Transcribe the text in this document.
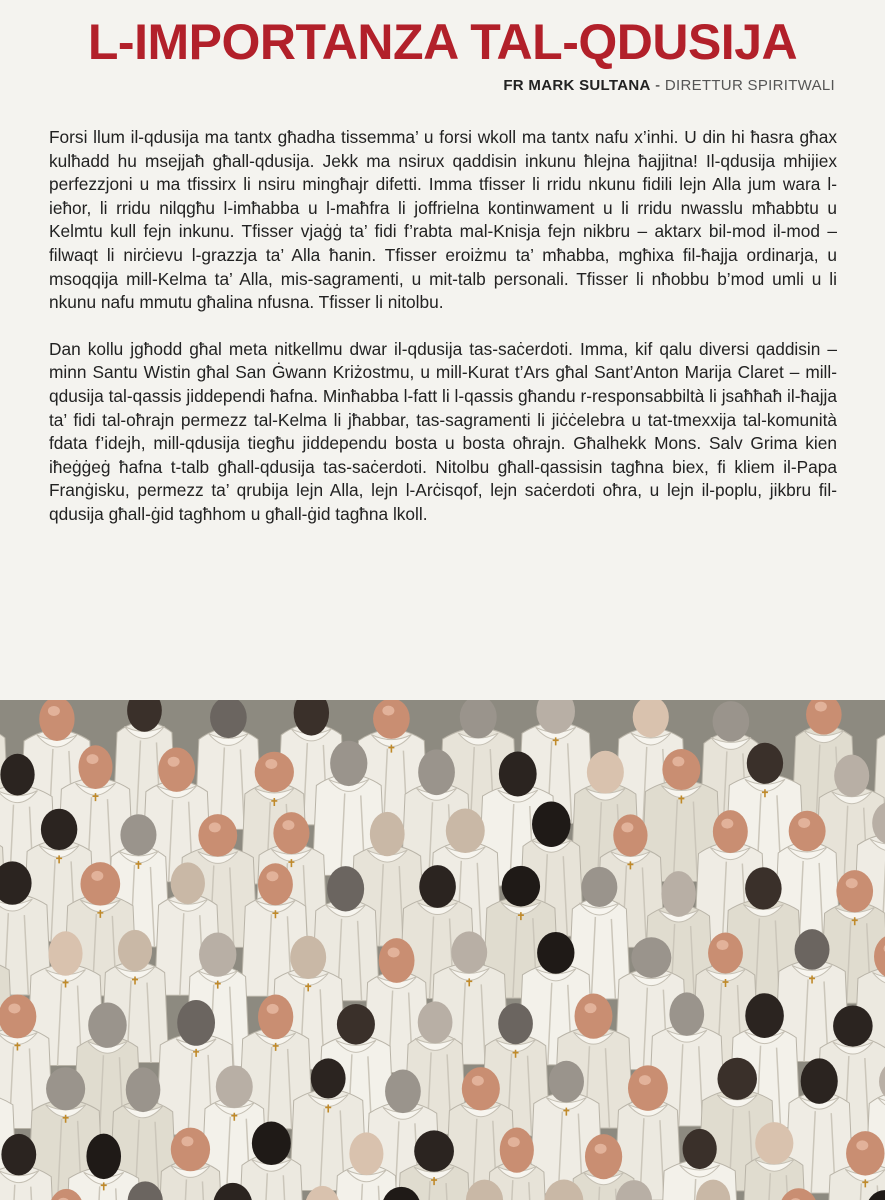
L-IMPORTANZA TAL-QDUSIJA
FR MARK SULTANA - DIRETTUR SPIRITWALI

Forsi llum il-qdusija ma tantx għadha tissemma’ u forsi wkoll ma tantx nafu x’inhi. U din hi ħasra għax kulħadd hu msejjaħ għall-qdusija. Jekk ma nsirux qaddisin inkunu ħlejna ħajjitna! Il-qdusija mhijiex perfezzjoni u ma tfissirx li nsiru mingħajr difetti. Imma tfisser li rridu nkunu fidili lejn Alla jum wara l-ieħor, li rridu nilqgħu l-imħabba u l-maħfra li joffrielna kontinwament u li rridu nwasslu mħabbtu u Kelmtu kull fejn inkunu. Tfisser vjaġġ ta’ fidi f’rabta mal-Knisja fejn nikbru – aktarx bil-mod il-mod – filwaqt li nirċievu l-grazzja ta’ Alla ħanin. Tfisser eroiżmu ta’ mħabba, mgħixa fil-ħajja ordinarja, u msoqqija mill-Kelma ta’ Alla, mis-sagramenti, u mit-talb personali. Tfisser li nħobbu b’mod umli u li nkunu nafu mmutu għalina nfusna. Tfisser li nitolbu.

Dan kollu jgħodd għal meta nitkellmu dwar il-qdusija tas-saċerdoti. Imma, kif qalu diversi qaddisin – minn Santu Wistin għal San Ġwann Kriżostmu, u mill-Kurat t’Ars għal Sant’Anton Marija Claret – mill-qdusija tal-qassis jiddependi ħafna. Minħabba l-fatt li l-qassis għandu r-responsabbiltà li jsaħħaħ il-ħajja ta’ fidi tal-oħrajn permezz tal-Kelma li jħabbar, tas-sagramenti li jiċċelebra u tat-tmexxija tal-komunità fdata f’idejh, mill-qdusija tiegħu jiddependu bosta u bosta oħrajn. Għalhekk Mons. Salv Grima kien iħeġġeġ ħafna t-talb għall-qdusija tas-saċerdoti. Nitolbu għall-qassisin tagħna biex, fi kliem il-Papa Franġisku, permezz ta’ qrubija lejn Alla, lejn l-Arċisqof, lejn saċerdoti oħra, u lejn il-poplu, jikbru fil-qdusija għall-ġid tagħhom u għall-ġid tagħna lkoll.
